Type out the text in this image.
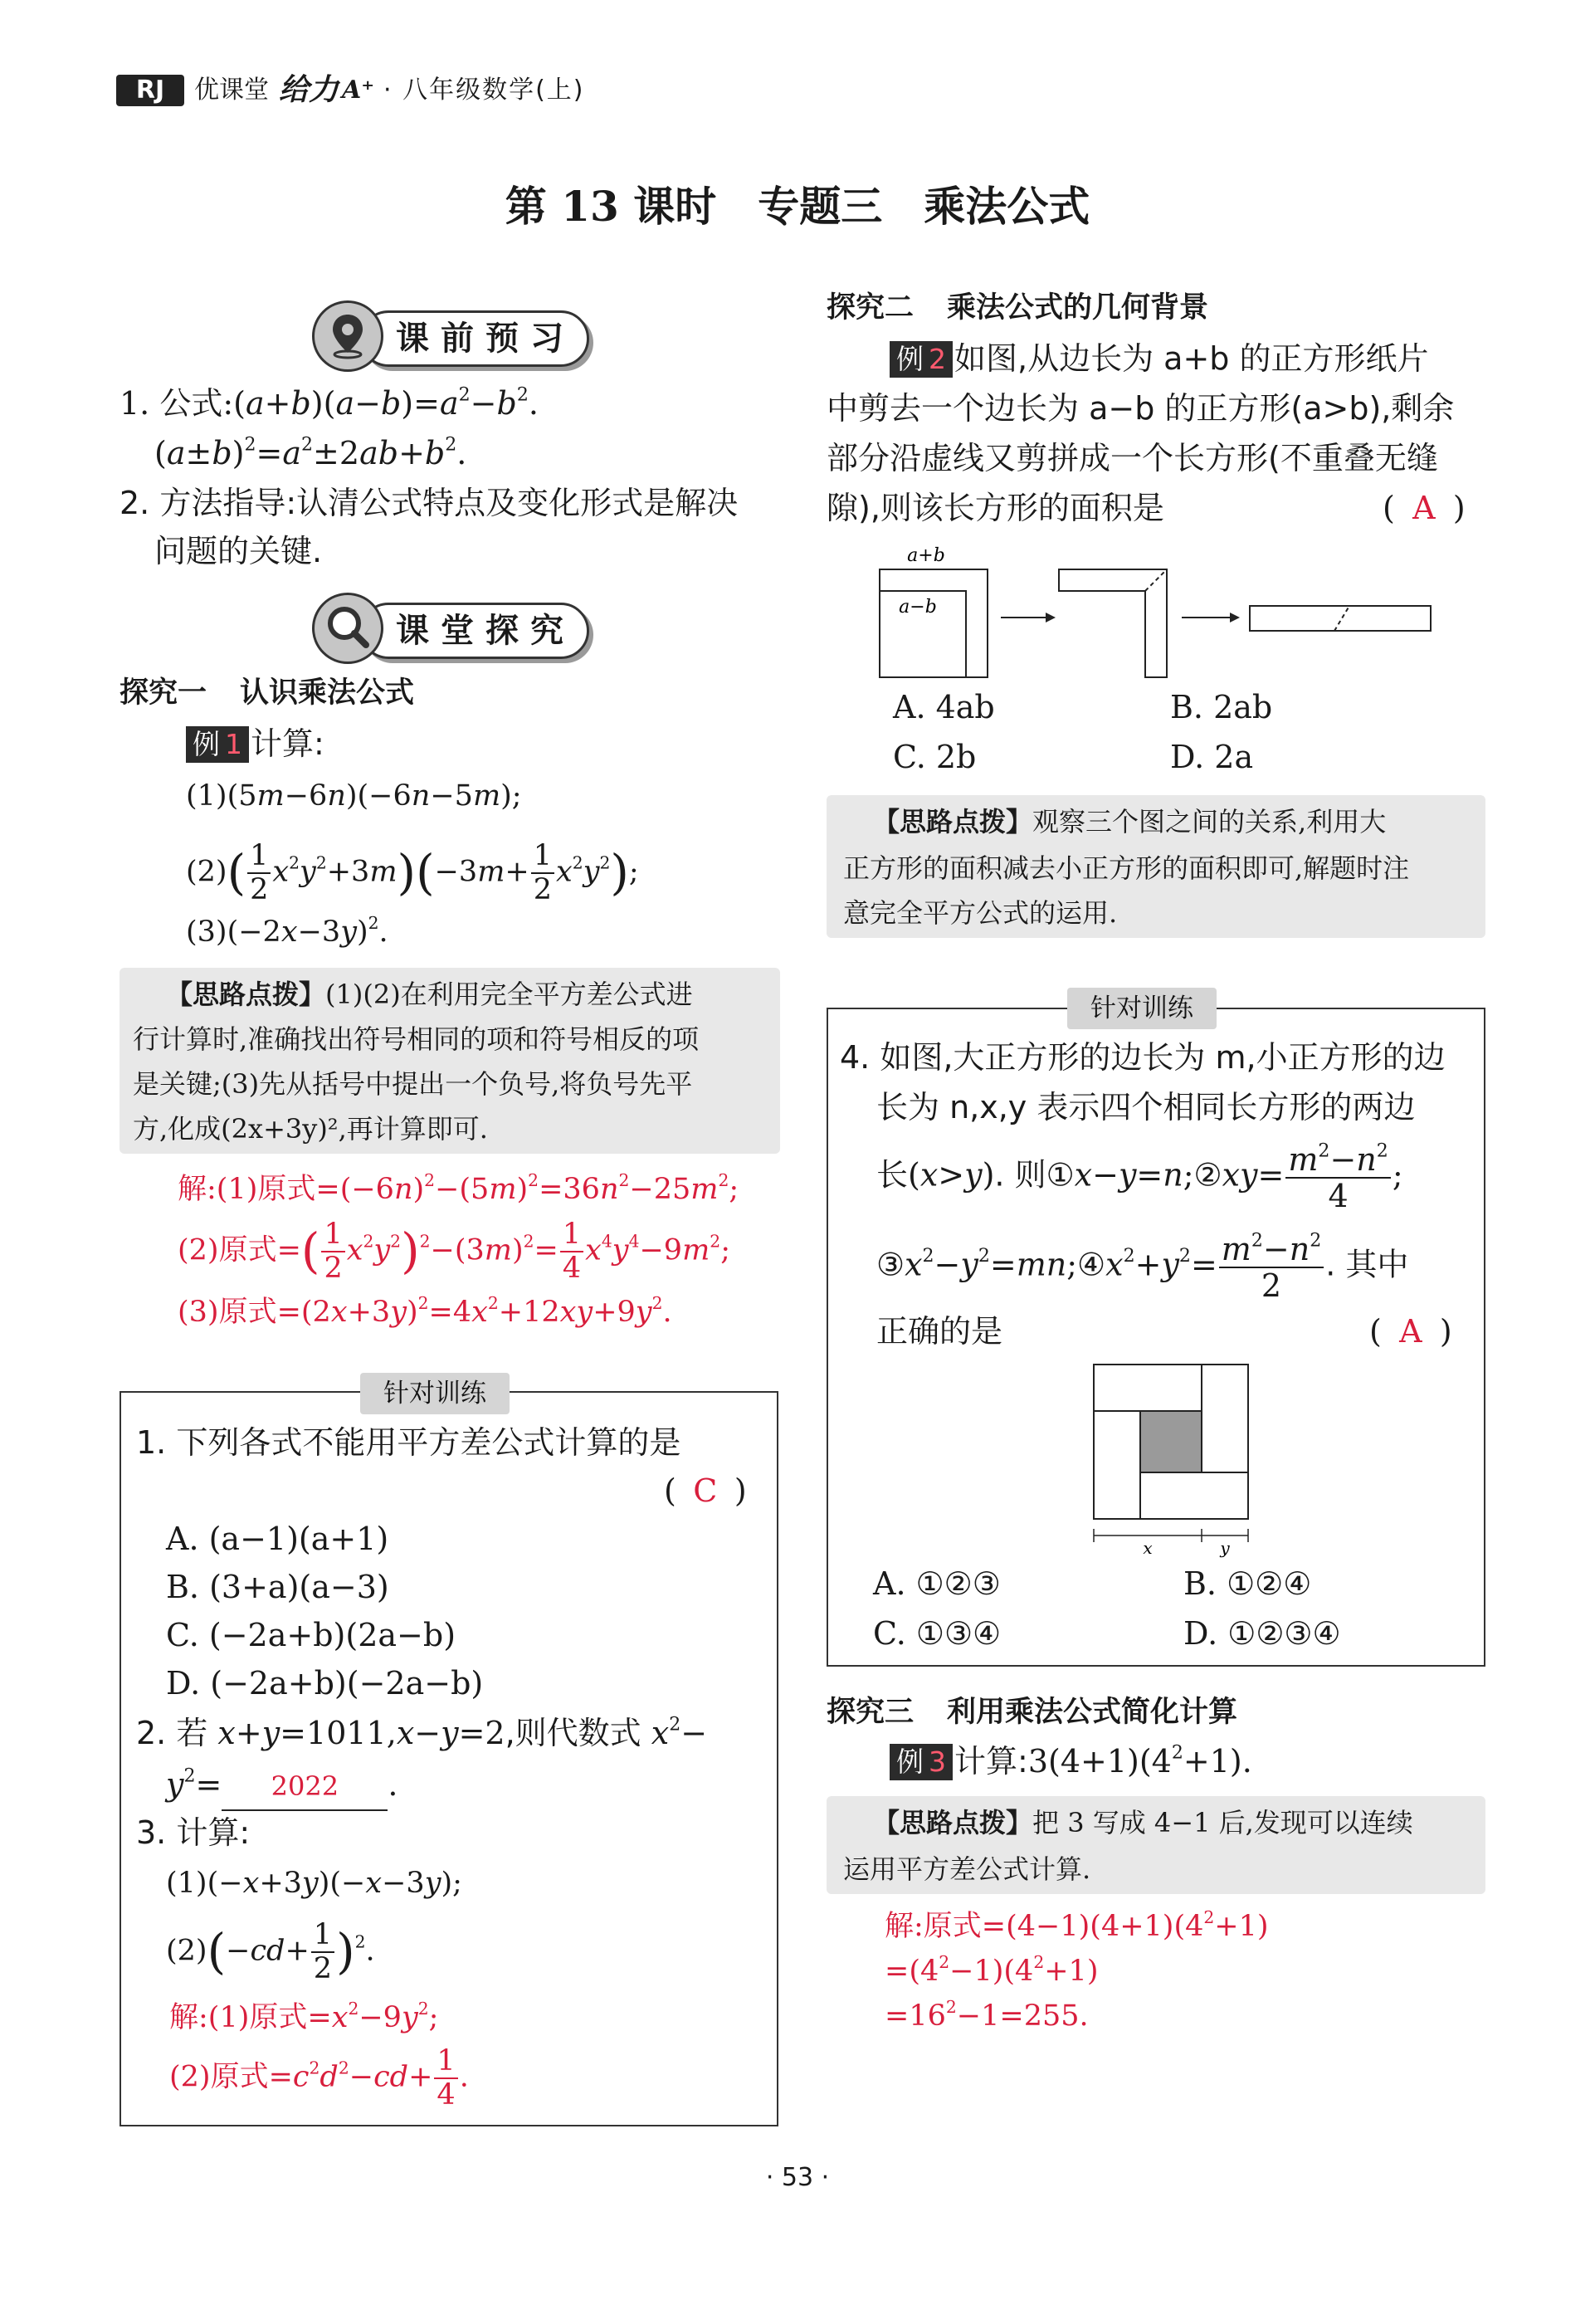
RJ	优课堂 给力 A⁺ · 八年级数学(上)
第 13 课时　专题三　乘法公式
课前预习
1. 公式$:(a+b)(a-b)=a^2-b^2$.
$(a\pm b)^2=a^2\pm 2ab+b^2$.
2. 方法指导:认清公式特点及变化形式是解决
问题的关键.
课堂探究
探究一 认识乘法公式
例 1 计算:
(1)(5m−6n)(−6n−5m);
$(2)( \frac{1}{2} x^2y^2+3m)(-3m+ \frac{1}{2} x^2y^2)$;
$(3)(-2x-3y)^2$.
【思路点拨】(1)(2)在利用完全平方差公式进
行计算时,准确找出符号相同的项和符号相反的项
是关键;(3)先从括号中提出一个负号,将负号先平
方,化成(2x+3y)²,再计算即可.
解:(1)原式$=(-6n)^2-(5m)^2=36n^2-25m^2$;
(2)原式=( $\frac{1}{2} x^2y^2)^2-(3m)^2= \frac{1}{4} x^4y^4-9m^2$;
(3)原式$=(2x+3y)^2=4x^2+12xy+9y^2$.
针对训练
1. 下列各式不能用平方差公式计算的是
( C )
A. (a−1)(a+1)
B. (3+a)(a−3)
C. (−2a+b)(2a−b)
D. (−2a+b)(−2a−b)
2. 若 x+y=1011,x−y=2,则代数式 $x^2-$
$y^2= 2022$ .
3. 计算:
(1)(−x+3y)(−x−3y);
$(2)(-cd+ \frac{1}{2} )^2$.
解:(1)原式$=x^2-9y^2$;
(2)原式$=c^2d^2-cd+ \frac{1}{4}$ .
探究二 乘法公式的几何背景
例 2 如图,从边长为 a+b 的正方形纸片
中剪去一个边长为 a−b 的正方形(a>b),剩余
部分沿虚线又剪拼成一个长方形(不重叠无缝
隙),则该长方形的面积是	( A )
a+b
a−b
A. 4ab	B. 2ab
C. 2b	D. 2a
【思路点拨】观察三个图之间的关系,利用大
正方形的面积减去小正方形的面积即可,解题时注
意完全平方公式的运用.
针对训练
4. 如图,大正方形的边长为 m,小正方形的边
长为 n,x,y 表示四个相同长方形的两边
长(x>y). 则①x−y=n;②xy= $\frac{m^2-n^2}{4}$ ;
$③x^2-y^2=mn;④x^2+y^2= \frac{m^2-n^2}{2}$ . 其中
正确的是	( A )
x	y
A. ①②③	B. ①②④
C. ①③④	D. ①②③④
探究三 利用乘法公式简化计算
例 3 计算$:3(4+1)(4^2+1)$.
【思路点拨】把 3 写成 4−1 后,发现可以连续
运用平方差公式计算.
解:原式$=(4-1)(4+1)(4^2+1)$
$=(4^2-1)(4^2+1)$
$=16^2-1=255$.
· 53 ·
